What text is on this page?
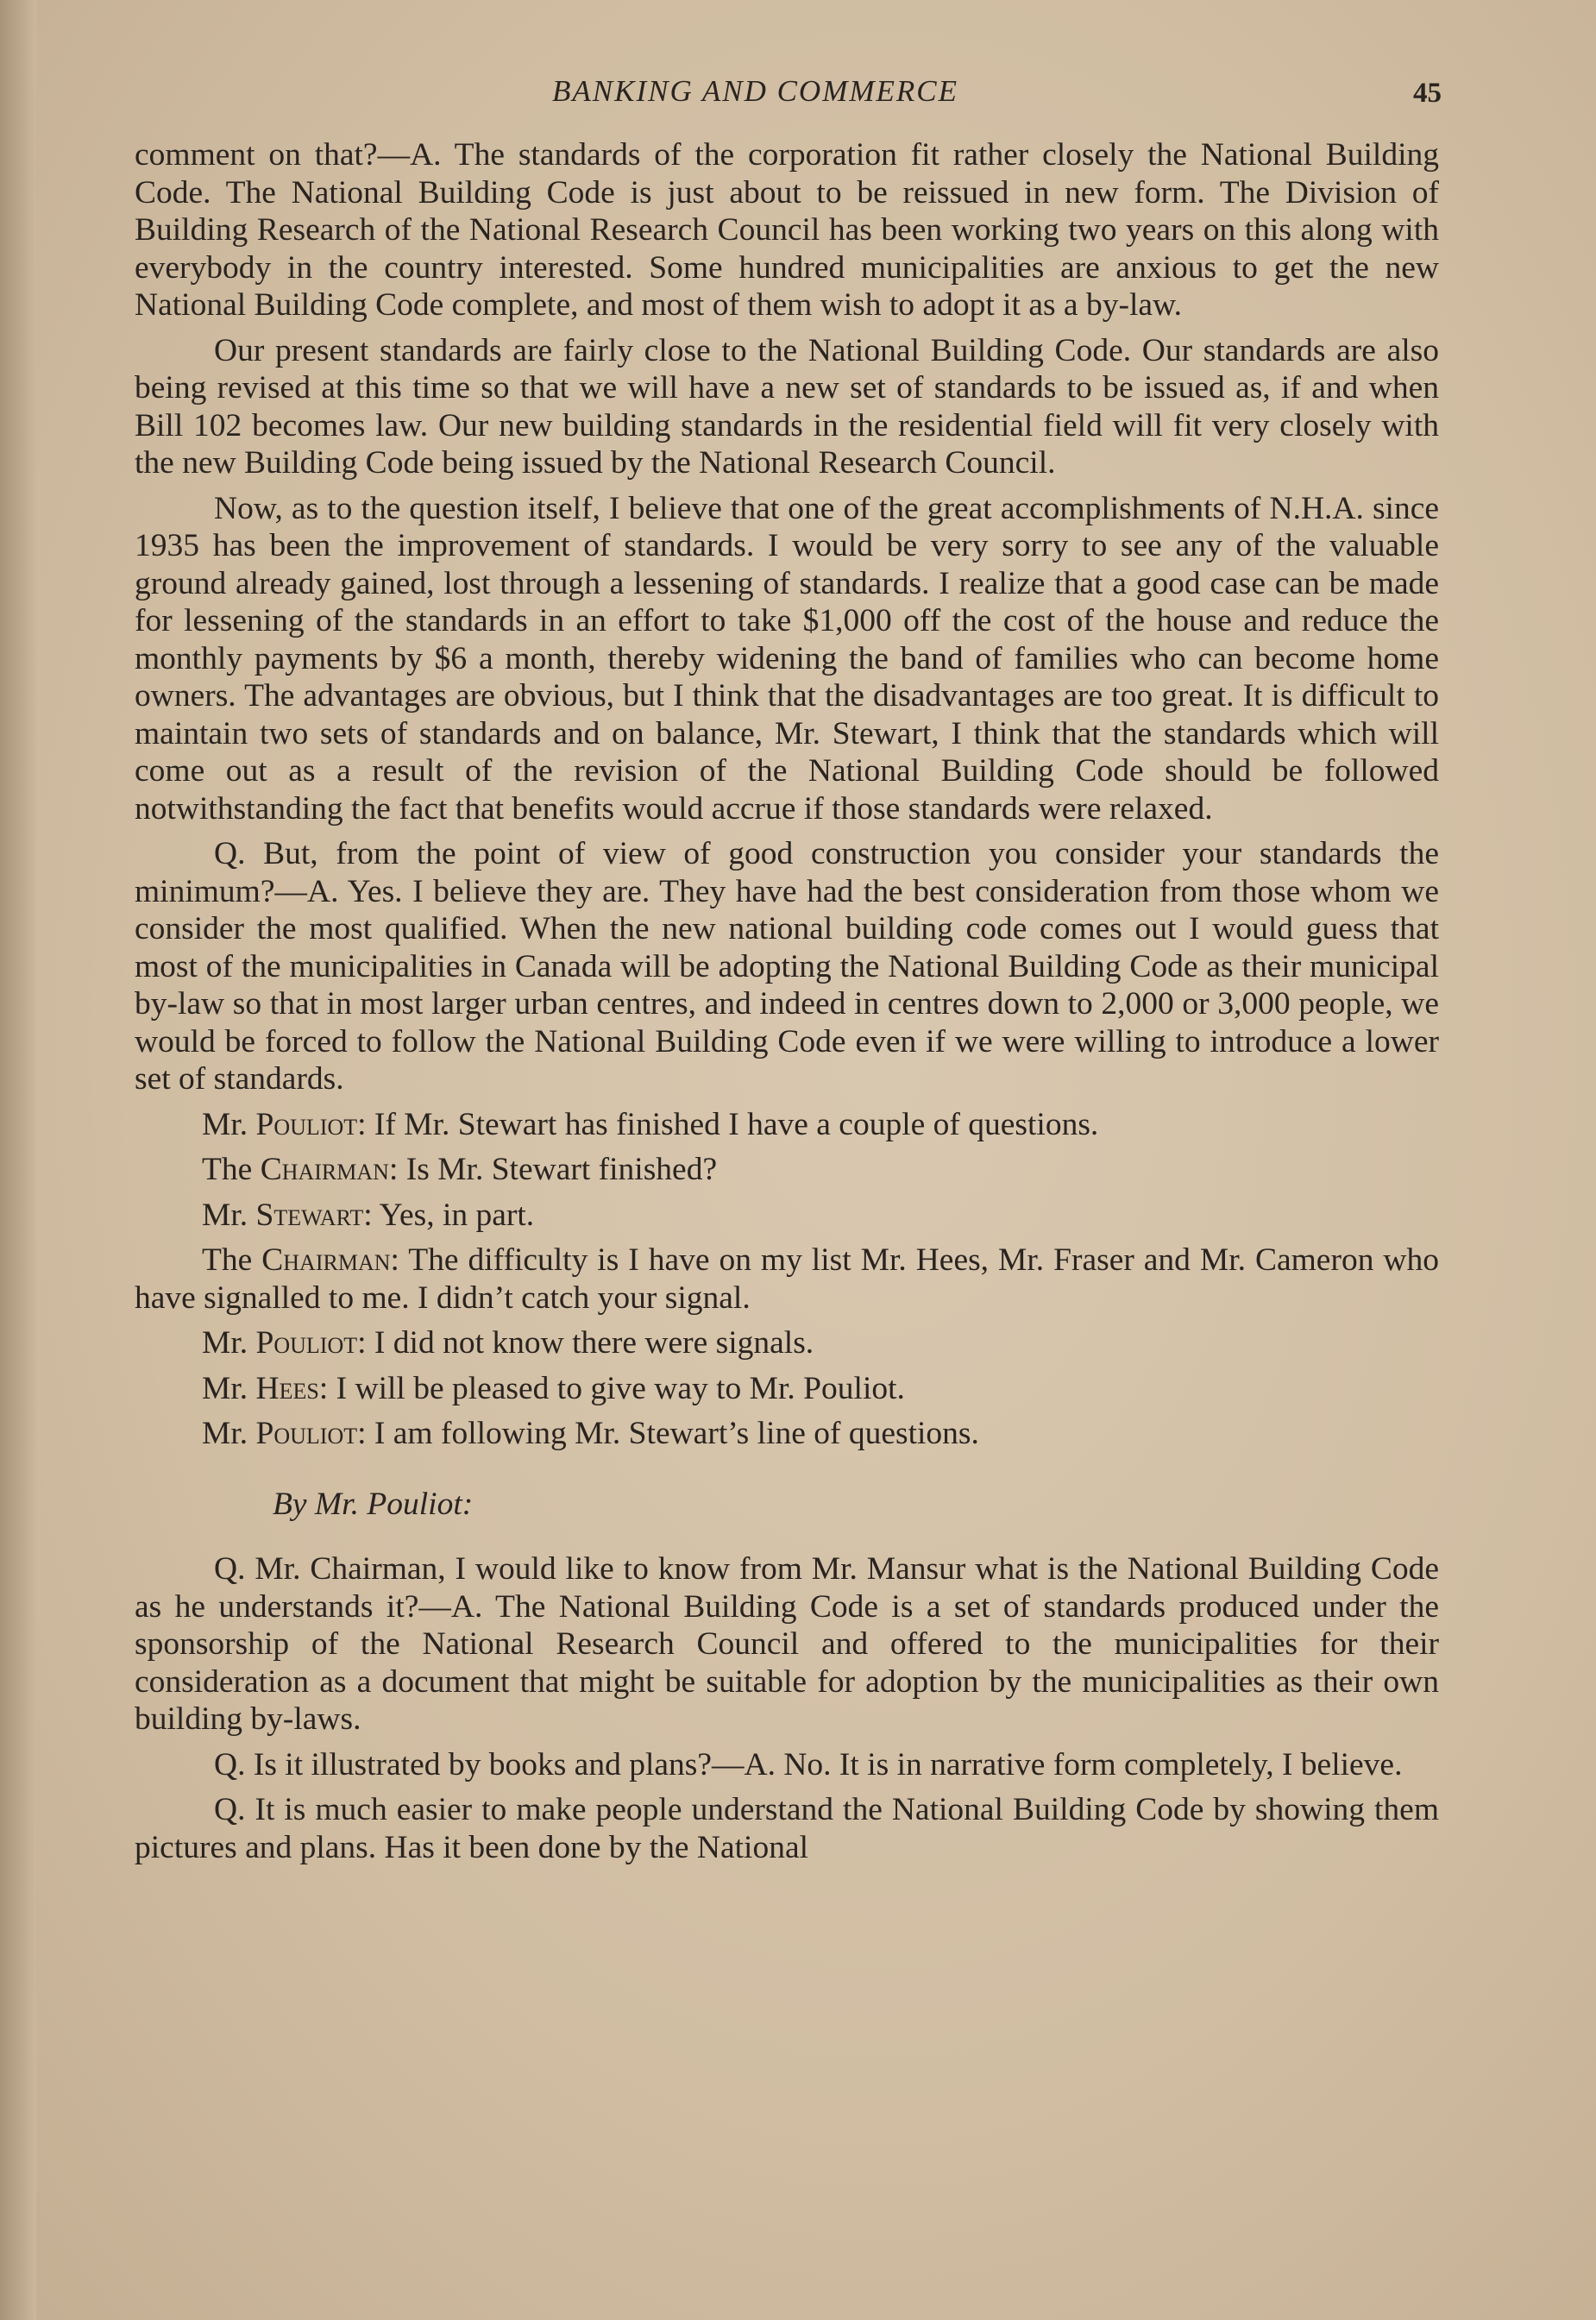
BANKING AND COMMERCE	45

comment on that?—A. The standards of the corporation fit rather closely the National Building Code. The National Building Code is just about to be reissued in new form. The Division of Building Research of the National Research Council has been working two years on this along with everybody in the country interested. Some hundred municipalities are anxious to get the new National Building Code complete, and most of them wish to adopt it as a by-law.

Our present standards are fairly close to the National Building Code. Our standards are also being revised at this time so that we will have a new set of standards to be issued as, if and when Bill 102 becomes law. Our new building standards in the residential field will fit very closely with the new Building Code being issued by the National Research Council.

Now, as to the question itself, I believe that one of the great accomplishments of N.H.A. since 1935 has been the improvement of standards. I would be very sorry to see any of the valuable ground already gained, lost through a lessening of standards. I realize that a good case can be made for lessening of the standards in an effort to take $1,000 off the cost of the house and reduce the monthly payments by $6 a month, thereby widening the band of families who can become home owners. The advantages are obvious, but I think that the disadvantages are too great. It is difficult to maintain two sets of standards and on balance, Mr. Stewart, I think that the standards which will come out as a result of the revision of the National Building Code should be followed notwithstanding the fact that benefits would accrue if those standards were relaxed.

Q. But, from the point of view of good construction you consider your standards the minimum?—A. Yes. I believe they are. They have had the best consideration from those whom we consider the most qualified. When the new national building code comes out I would guess that most of the municipalities in Canada will be adopting the National Building Code as their municipal by-law so that in most larger urban centres, and indeed in centres down to 2,000 or 3,000 people, we would be forced to follow the National Building Code even if we were willing to introduce a lower set of standards.

Mr. Pouliot: If Mr. Stewart has finished I have a couple of questions.

The Chairman: Is Mr. Stewart finished?

Mr. Stewart: Yes, in part.

The Chairman: The difficulty is I have on my list Mr. Hees, Mr. Fraser and Mr. Cameron who have signalled to me. I didn’t catch your signal.

Mr. Pouliot: I did not know there were signals.

Mr. Hees: I will be pleased to give way to Mr. Pouliot.

Mr. Pouliot: I am following Mr. Stewart’s line of questions.

By Mr. Pouliot:

Q. Mr. Chairman, I would like to know from Mr. Mansur what is the National Building Code as he understands it?—A. The National Building Code is a set of standards produced under the sponsorship of the National Research Council and offered to the municipalities for their consideration as a document that might be suitable for adoption by the municipalities as their own building by-laws.

Q. Is it illustrated by books and plans?—A. No. It is in narrative form completely, I believe.

Q. It is much easier to make people understand the National Building Code by showing them pictures and plans. Has it been done by the National
